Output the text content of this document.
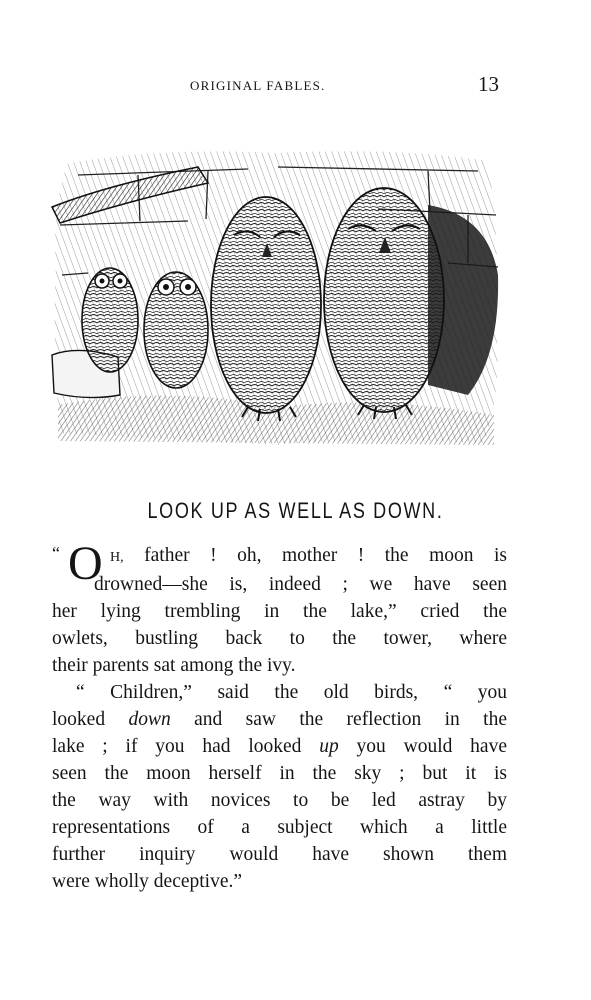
ORIGINAL FABLES.	13
LOOK UP AS WELL AS DOWN.
“ O H, father ! oh, mother ! the moon is
drowned—she is, indeed ; we have seen
her lying trembling in the lake,” cried the
owlets, bustling back to the tower, where
their parents sat among the ivy.
“ Children,” said the old birds, “ you
looked down and saw the reflection in the
lake ; if you had looked up you would have
seen the moon herself in the sky ; but it is
the way with novices to be led astray by
representations of a subject which a little
further inquiry would have shown them
were wholly deceptive.”
